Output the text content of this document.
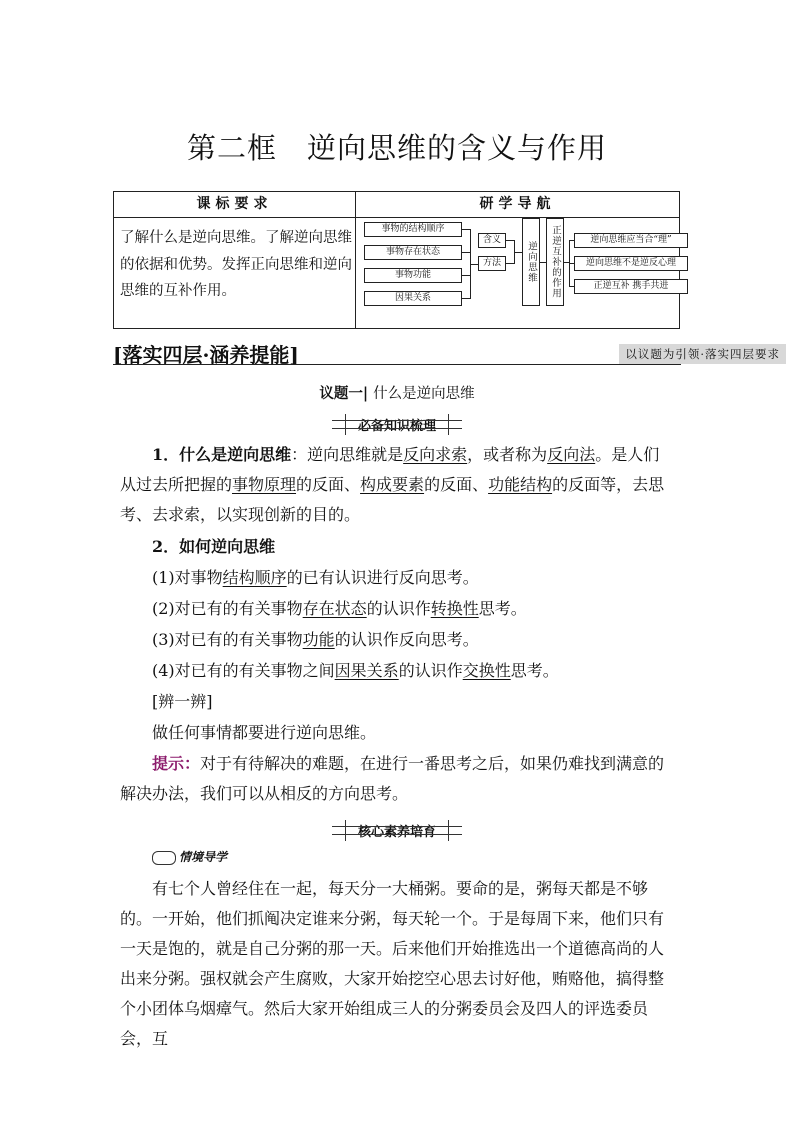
第二框 逆向思维的含义与作用
课标要求	研学导航
了解什么是逆向思维。了解逆向思维的依据和优势。发挥正向思维和逆向思维的互补作用。
事物的结构顺序
事物存在状态
事物功能
因果关系
含义
方法	逆向思维	正逆互补的作用	逆向思维应当合“理”
逆向思维不是逆反心理
正逆互补 携手共进
[落实四层·涵养提能]	以议题为引领·落实四层要求
议题一| 什么是逆向思维
必备知识梳理
1．什么是逆向思维：逆向思维就是反向求索，或者称为反向法。是人们从过去所把握的事物原理的反面、构成要素的反面、功能结构的反面等，去思考、去求索，以实现创新的目的。
2．如何逆向思维
(1)对事物结构顺序的已有认识进行反向思考。
(2)对已有的有关事物存在状态的认识作转换性思考。
(3)对已有的有关事物功能的认识作反向思考。
(4)对已有的有关事物之间因果关系的认识作交换性思考。
[辨一辨]
做任何事情都要进行逆向思维。
提示：对于有待解决的难题，在进行一番思考之后，如果仍难找到满意的解决办法，我们可以从相反的方向思考。
核心素养培育
情境导学
有七个人曾经住在一起，每天分一大桶粥。要命的是，粥每天都是不够的。一开始，他们抓阄决定谁来分粥，每天轮一个。于是每周下来，他们只有一天是饱的，就是自己分粥的那一天。后来他们开始推选出一个道德高尚的人出来分粥。强权就会产生腐败，大家开始挖空心思去讨好他，贿赂他，搞得整个小团体乌烟瘴气。然后大家开始组成三人的分粥委员会及四人的评选委员会，互
